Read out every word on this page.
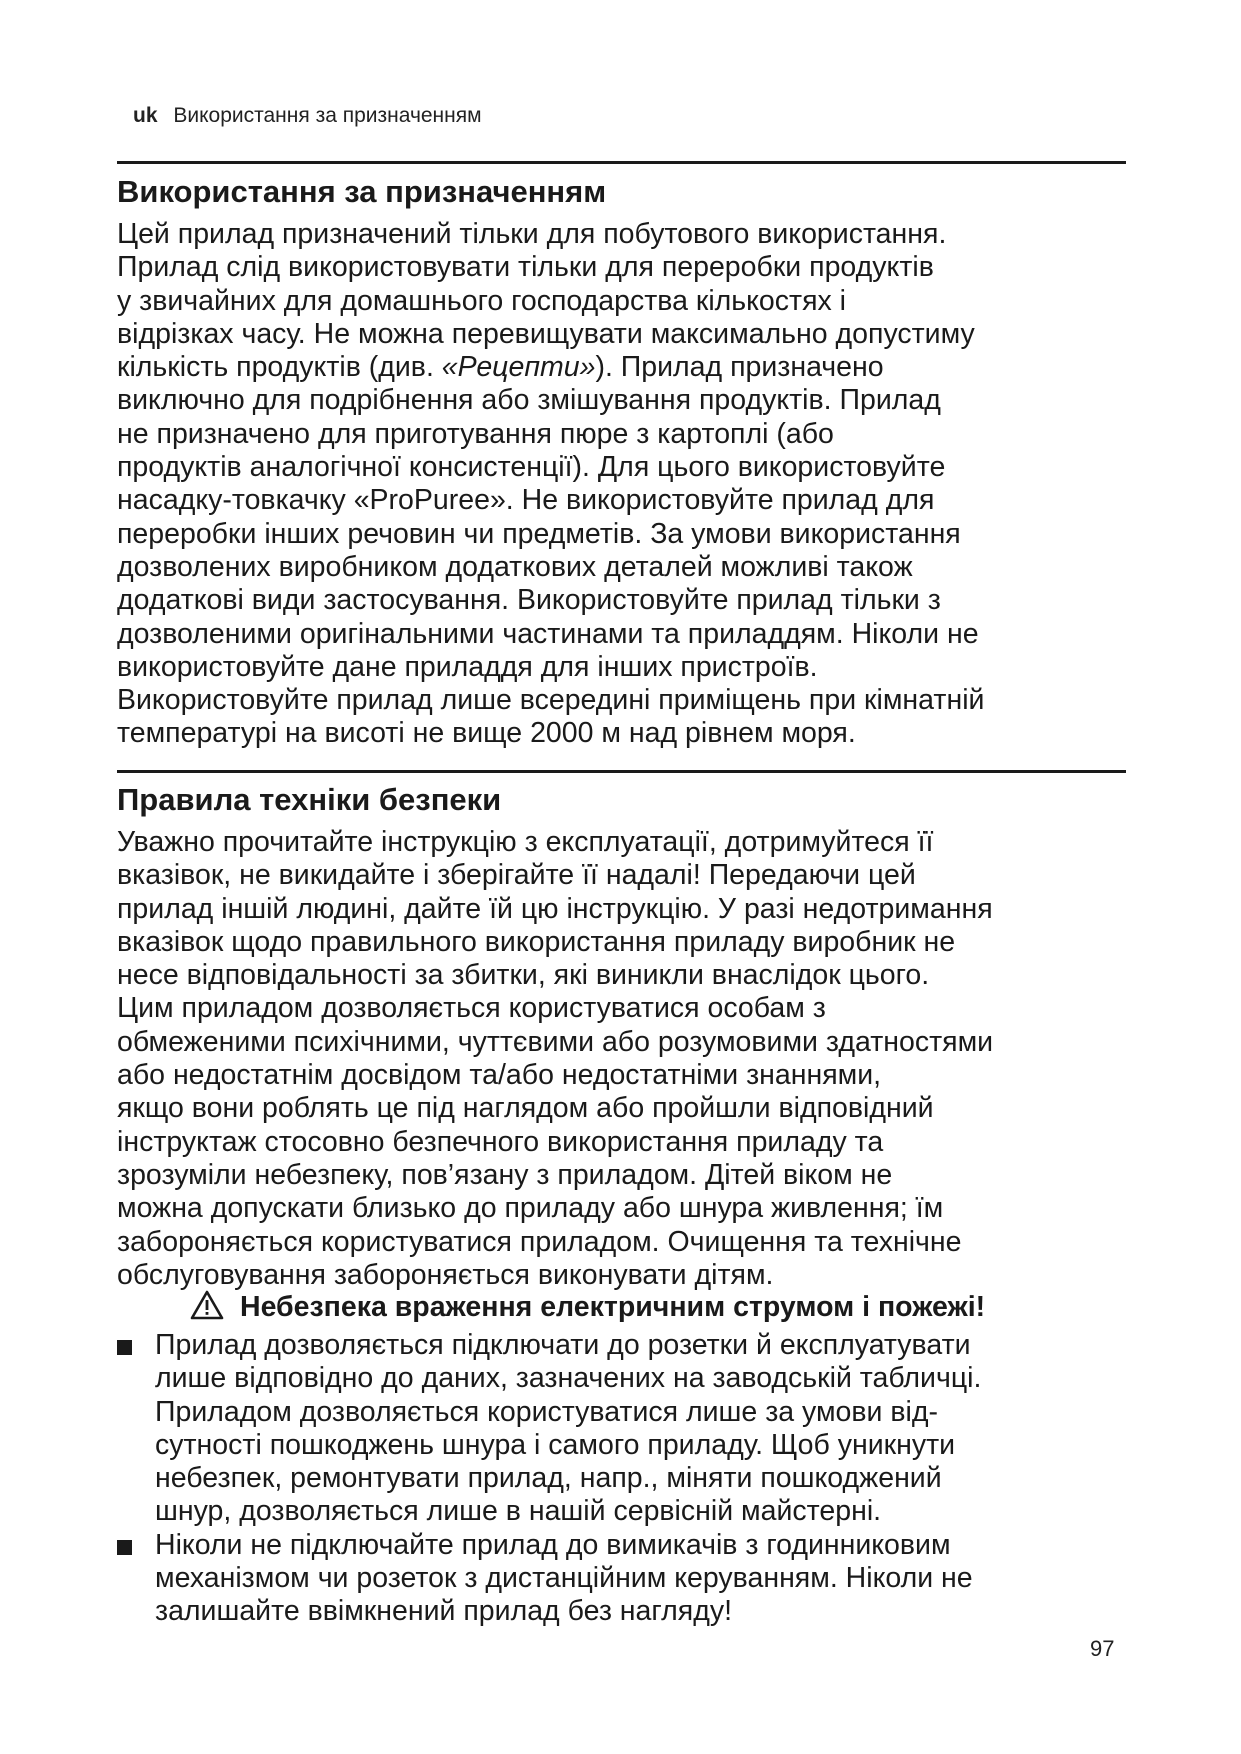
uk Використання за призначенням
Використання за призначенням

Цей прилад призначений тільки для побутового використання.
Прилад слід використовувати тільки для переробки продуктів
у звичайних для домашнього господарства кількостях і
відрізках часу. Не можна перевищувати максимально допустиму
кількість продуктів (див. «Рецепти»). Прилад призначено
виключно для подрібнення або змішування продуктів. Прилад
не призначено для приготування пюре з картоплі (або
продуктів аналогічної консистенції). Для цього використовуйте
насадку-товкачку «ProPuree». Не використовуйте прилад для
переробки інших речовин чи предметів. За умови використання
дозволених виробником додаткових деталей можливі також
додаткові види застосування. Використовуйте прилад тільки з
дозволеними оригінальними частинами та приладдям. Ніколи не
використовуйте дане приладдя для інших пристроїв.
Використовуйте прилад лише всередині приміщень при кімнатній
температурі на висоті не вище 2000 м над рівнем моря.

Правила техніки безпеки

Уважно прочитайте інструкцію з експлуатації, дотримуйтеся її
вказівок, не викидайте і зберігайте її надалі! Передаючи цей
прилад іншій людині, дайте їй цю інструкцію. У разі недотримання
вказівок щодо правильного використання приладу виробник не
несе відповідальності за збитки, які виникли внаслідок цього.
Цим приладом дозволяється користуватися особам з
обмеженими психічними, чуттєвими або розумовими здатностями
або недостатнім досвідом та/або недостатніми знаннями,
якщо вони роблять це під наглядом або пройшли відповідний
інструктаж стосовно безпечного використання приладу та
зрозуміли небезпеку, пов’язану з приладом. Дітей віком не
можна допускати близько до приладу або шнура живлення; їм
забороняється користуватися приладом. Очищення та технічне
обслуговування забороняється виконувати дітям.

Небезпека враження електричним струмом і пожежі!
Прилад дозволяється підключати до розетки й експлуатувати
лише відповідно до даних, зазначених на заводській табличці.
Приладом дозволяється користуватися лише за умови від-
сутності пошкоджень шнура і самого приладу. Щоб уникнути
небезпек, ремонтувати прилад, напр., міняти пошкоджений
шнур, дозволяється лише в нашій сервісній майстерні.
Ніколи не підключайте прилад до вимикачів з годинниковим
механізмом чи розеток з дистанційним керуванням. Ніколи не
залишайте ввімкнений прилад без нагляду!
97
